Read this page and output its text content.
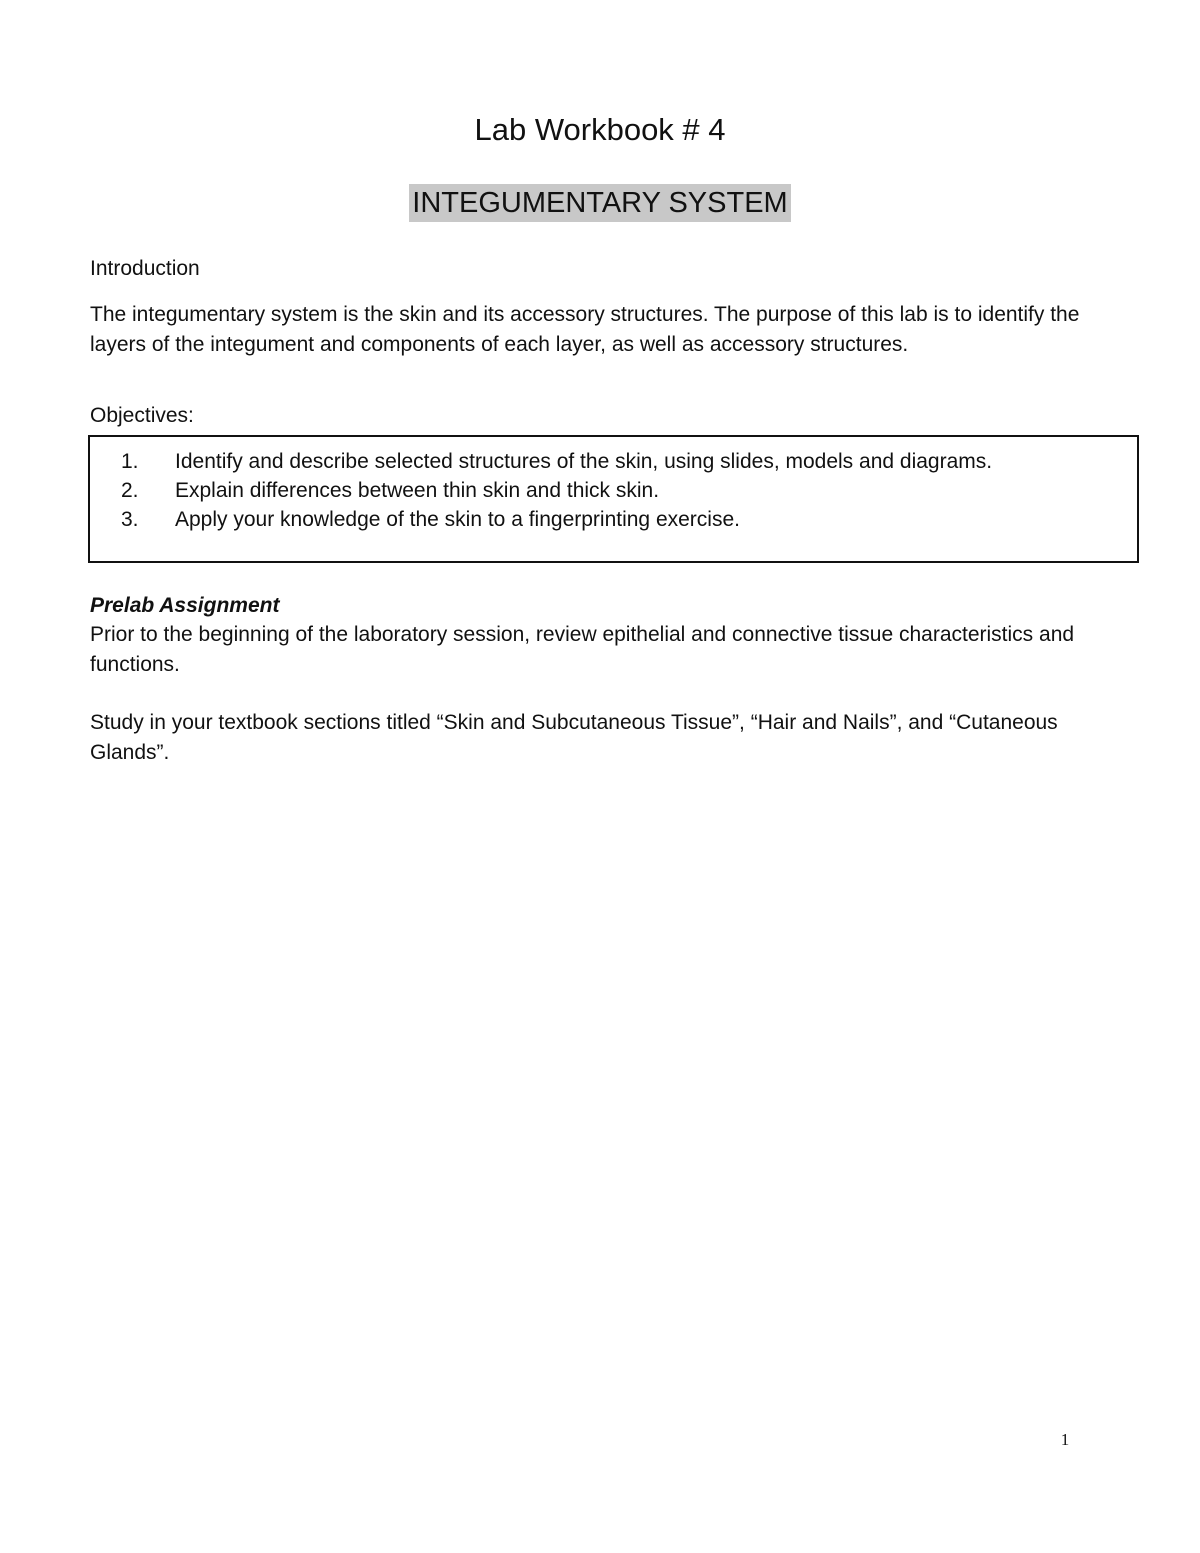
Lab Workbook # 4
INTEGUMENTARY SYSTEM

Introduction

The integumentary system is the skin and its accessory structures. The purpose of this lab is to identify the layers of the integument and components of each layer, as well as accessory structures.

Objectives:

1. Identify and describe selected structures of the skin, using slides, models and diagrams.
2. Explain differences between thin skin and thick skin.
3. Apply your knowledge of the skin to a fingerprinting exercise.

Prelab Assignment

Prior to the beginning of the laboratory session, review epithelial and connective tissue characteristics and functions.

Study in your textbook sections titled “Skin and Subcutaneous Tissue”, “Hair and Nails”, and “Cutaneous Glands”.

1
